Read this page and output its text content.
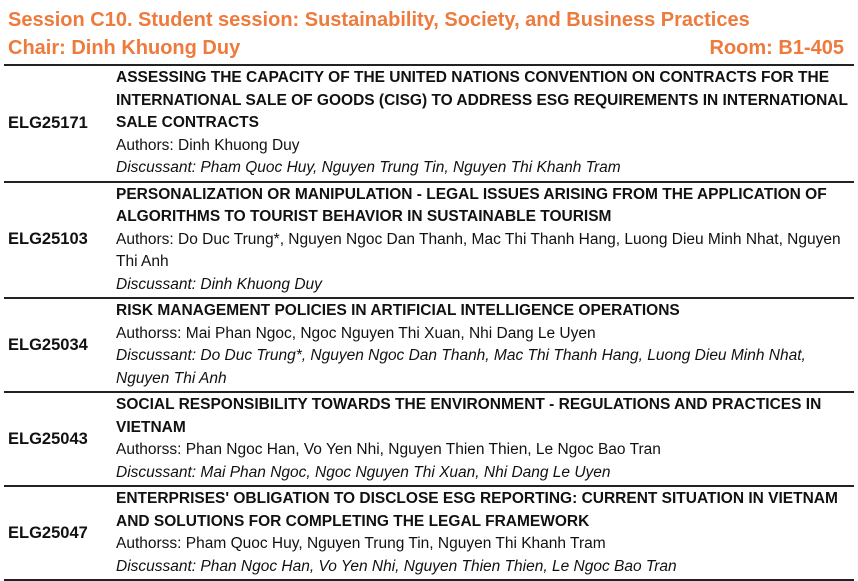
Session C10. Student session: Sustainability, Society, and Business Practices
Chair: Dinh Khuong Duy	Room: B1-405
ELG25171
ASSESSING THE CAPACITY OF THE UNITED NATIONS CONVENTION ON CONTRACTS FOR THE INTERNATIONAL SALE OF GOODS (CISG) TO ADDRESS ESG REQUIREMENTS IN INTERNATIONAL SALE CONTRACTS
Authors: Dinh Khuong Duy
Discussant: Pham Quoc Huy, Nguyen Trung Tin, Nguyen Thi Khanh Tram
ELG25103
PERSONALIZATION OR MANIPULATION - LEGAL ISSUES ARISING FROM THE APPLICATION OF ALGORITHMS TO TOURIST BEHAVIOR IN SUSTAINABLE TOURISM
Authors: Do Duc Trung*, Nguyen Ngoc Dan Thanh, Mac Thi Thanh Hang, Luong Dieu Minh Nhat, Nguyen Thi Anh
Discussant: Dinh Khuong Duy
ELG25034
RISK MANAGEMENT POLICIES IN ARTIFICIAL INTELLIGENCE OPERATIONS
Authorss: Mai Phan Ngoc, Ngoc Nguyen Thi Xuan, Nhi Dang Le Uyen
Discussant: Do Duc Trung*, Nguyen Ngoc Dan Thanh, Mac Thi Thanh Hang, Luong Dieu Minh Nhat, Nguyen Thi Anh
ELG25043
SOCIAL RESPONSIBILITY TOWARDS THE ENVIRONMENT - REGULATIONS AND PRACTICES IN VIETNAM
Authorss: Phan Ngoc Han, Vo Yen Nhi, Nguyen Thien Thien, Le Ngoc Bao Tran
Discussant: Mai Phan Ngoc, Ngoc Nguyen Thi Xuan, Nhi Dang Le Uyen
ELG25047
ENTERPRISES' OBLIGATION TO DISCLOSE ESG REPORTING: CURRENT SITUATION IN VIETNAM AND SOLUTIONS FOR COMPLETING THE LEGAL FRAMEWORK
Authorss: Pham Quoc Huy, Nguyen Trung Tin, Nguyen Thi Khanh Tram
Discussant: Phan Ngoc Han, Vo Yen Nhi, Nguyen Thien Thien, Le Ngoc Bao Tran
